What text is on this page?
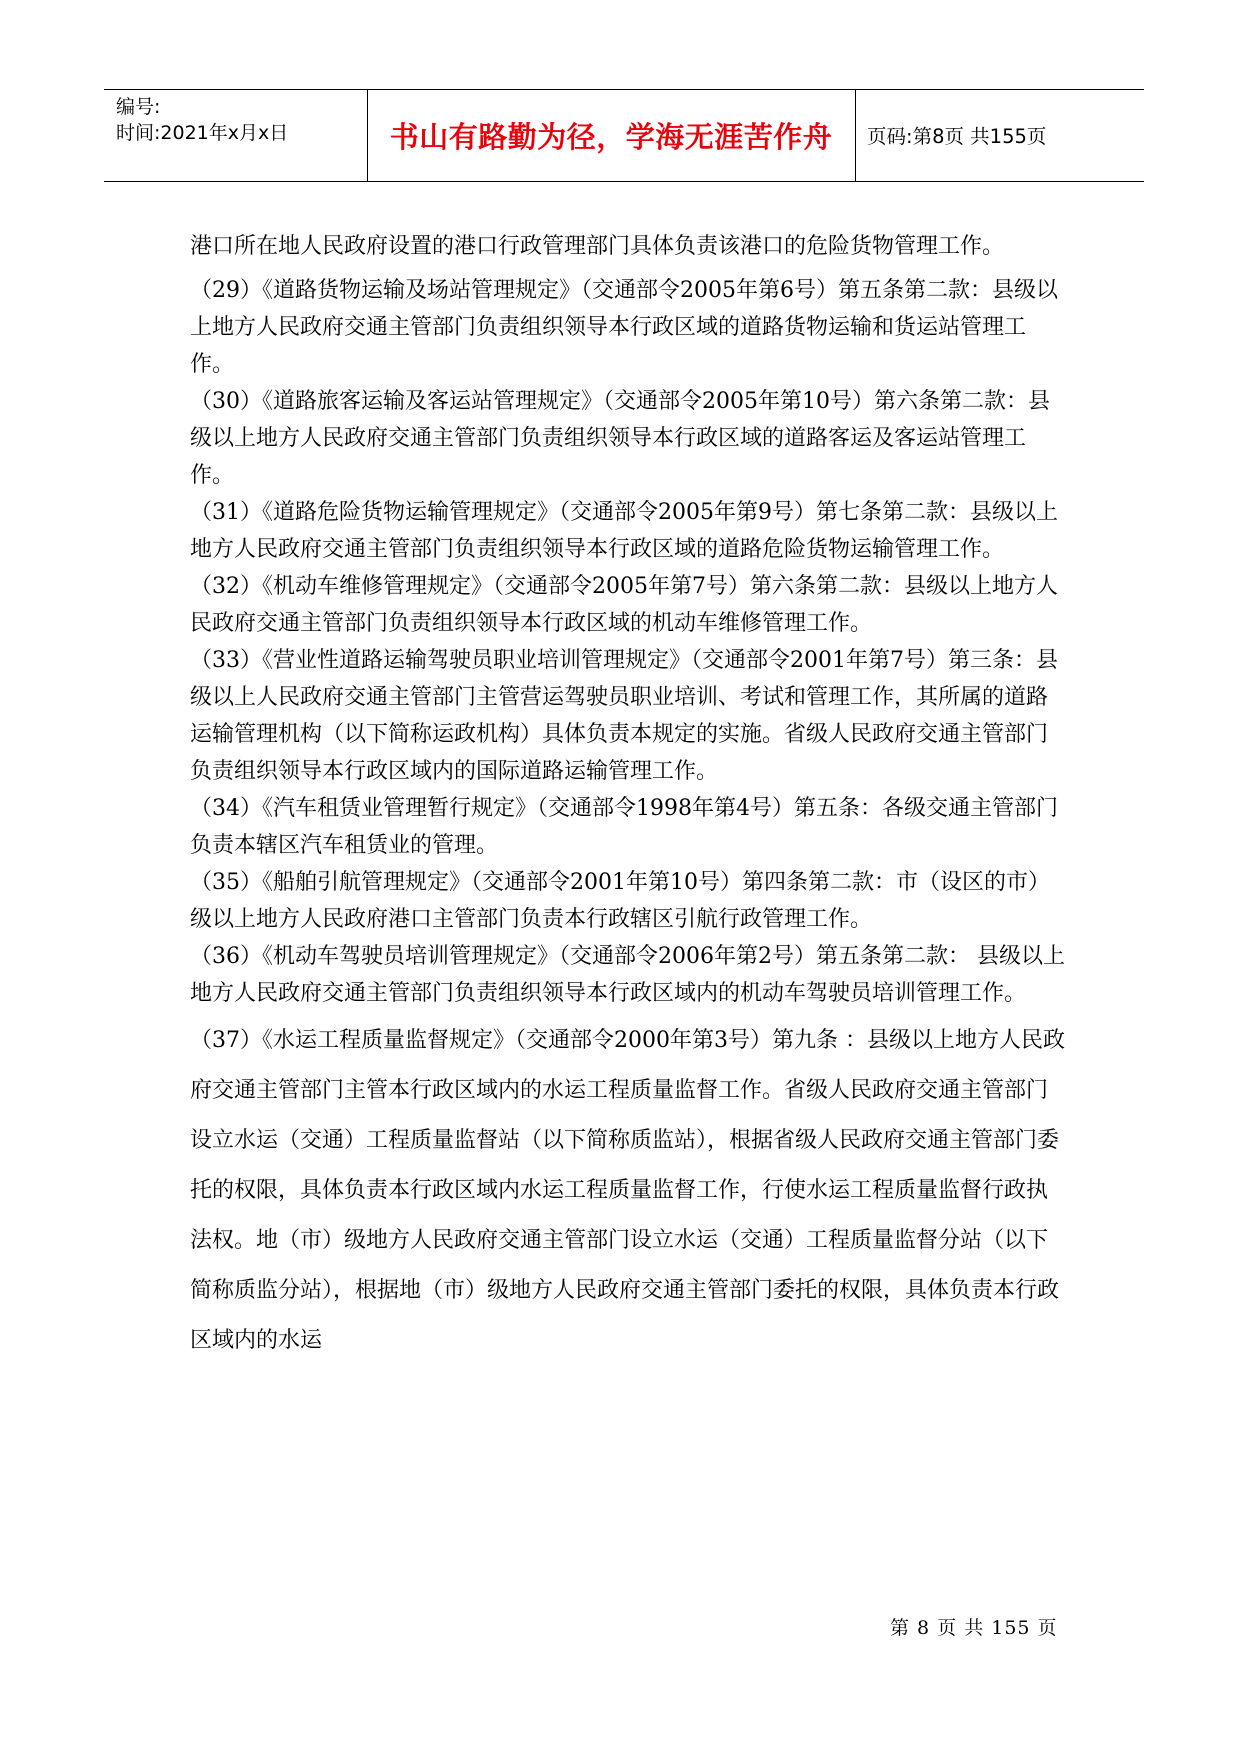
编号:
时间:2021年x月x日	书山有路勤为径，学海无涯苦作舟	页码:第8页 共155页

港口所在地人民政府设置的港口行政管理部门具体负责该港口的危险货物管理工作。

（29）《道路货物运输及场站管理规定》（交通部令2005年第6号）第五条第二款：县级以上地方人民政府交通主管部门负责组织领导本行政区域的道路货物运输和货运站管理工作。

（30）《道路旅客运输及客运站管理规定》（交通部令2005年第10号）第六条第二款：县级以上地方人民政府交通主管部门负责组织领导本行政区域的道路客运及客运站管理工作。

（31）《道路危险货物运输管理规定》（交通部令2005年第9号）第七条第二款：县级以上地方人民政府交通主管部门负责组织领导本行政区域的道路危险货物运输管理工作。

（32）《机动车维修管理规定》（交通部令2005年第7号）第六条第二款：县级以上地方人民政府交通主管部门负责组织领导本行政区域的机动车维修管理工作。

（33）《营业性道路运输驾驶员职业培训管理规定》（交通部令2001年第7号）第三条：县级以上人民政府交通主管部门主管营运驾驶员职业培训、考试和管理工作，其所属的道路运输管理机构（以下简称运政机构）具体负责本规定的实施。省级人民政府交通主管部门负责组织领导本行政区域内的国际道路运输管理工作。

（34）《汽车租赁业管理暂行规定》（交通部令1998年第4号）第五条：各级交通主管部门负责本辖区汽车租赁业的管理。

（35）《船舶引航管理规定》（交通部令2001年第10号）第四条第二款：市（设区的市）级以上地方人民政府港口主管部门负责本行政辖区引航行政管理工作。

（36）《机动车驾驶员培训管理规定》（交通部令2006年第2号）第五条第二款： 县级以上地方人民政府交通主管部门负责组织领导本行政区域内的机动车驾驶员培训管理工作。

（37）《水运工程质量监督规定》（交通部令2000年第3号）第九条 ：县级以上地方人民政府交通主管部门主管本行政区域内的水运工程质量监督工作。省级人民政府交通主管部门设立水运（交通）工程质量监督站（以下简称质监站），根据省级人民政府交通主管部门委托的权限，具体负责本行政区域内水运工程质量监督工作，行使水运工程质量监督行政执法权。地（市）级地方人民政府交通主管部门设立水运（交通）工程质量监督分站（以下简称质监分站），根据地（市）级地方人民政府交通主管部门委托的权限，具体负责本行政区域内的水运

第 8 页 共 155 页
